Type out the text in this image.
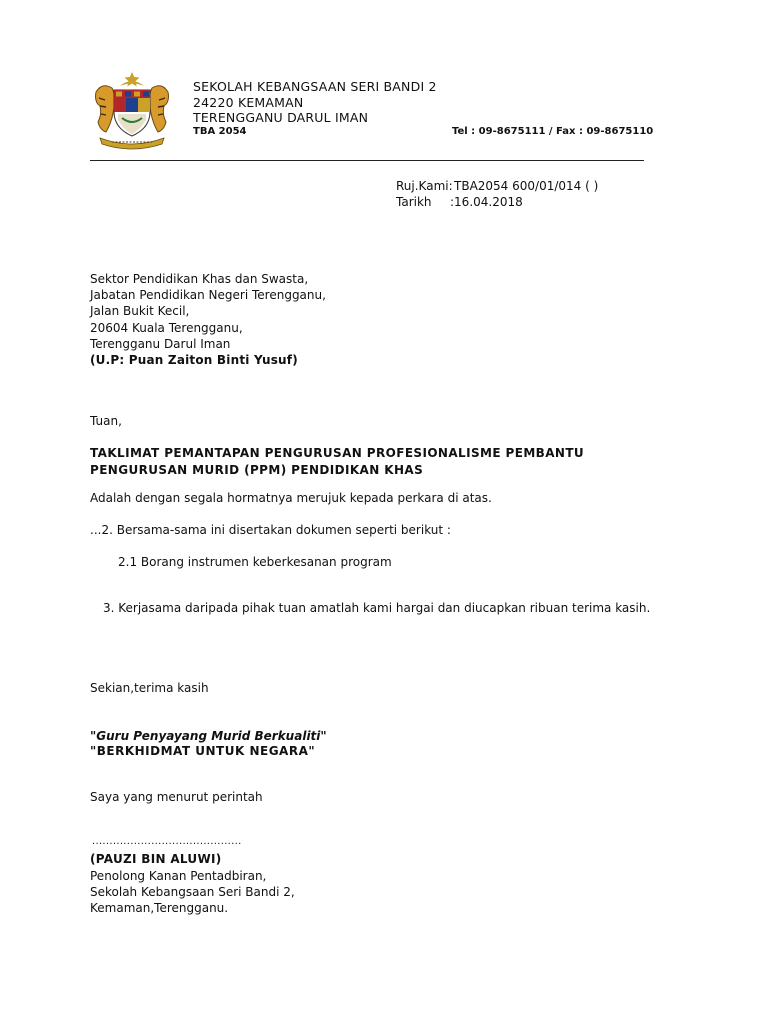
SEKOLAH KEBANGSAAN SERI BANDI 2
24220 KEMAMAN
TERENGGANU DARUL IMAN
TBA 2054	Tel : 09-8675111 / Fax : 09-8675110
Ruj.Kami: TBA2054 600/01/014 ( )
Tarikh :16.04.2018
Sektor Pendidikan Khas dan Swasta,
Jabatan Pendidikan Negeri Terengganu,
Jalan Bukit Kecil,
20604 Kuala Terengganu,
Terengganu Darul Iman
(U.P: Puan Zaiton Binti Yusuf)
Tuan,
TAKLIMAT PEMANTAPAN PENGURUSAN PROFESIONALISME PEMBANTU PENGURUSAN MURID (PPM) PENDIDIKAN KHAS
Adalah dengan segala hormatnya merujuk kepada perkara di atas.
...2. Bersama-sama ini disertakan dokumen seperti berikut :
2.1 Borang instrumen keberkesanan program
3. Kerjasama daripada pihak tuan amatlah kami hargai dan diucapkan ribuan terima kasih.
Sekian,terima kasih
"Guru Penyayang Murid Berkualiti"
"BERKHIDMAT UNTUK NEGARA"
Saya yang menurut perintah
...........................................
(PAUZI BIN ALUWI)
Penolong Kanan Pentadbiran,
Sekolah Kebangsaan Seri Bandi 2,
Kemaman,Terengganu.
